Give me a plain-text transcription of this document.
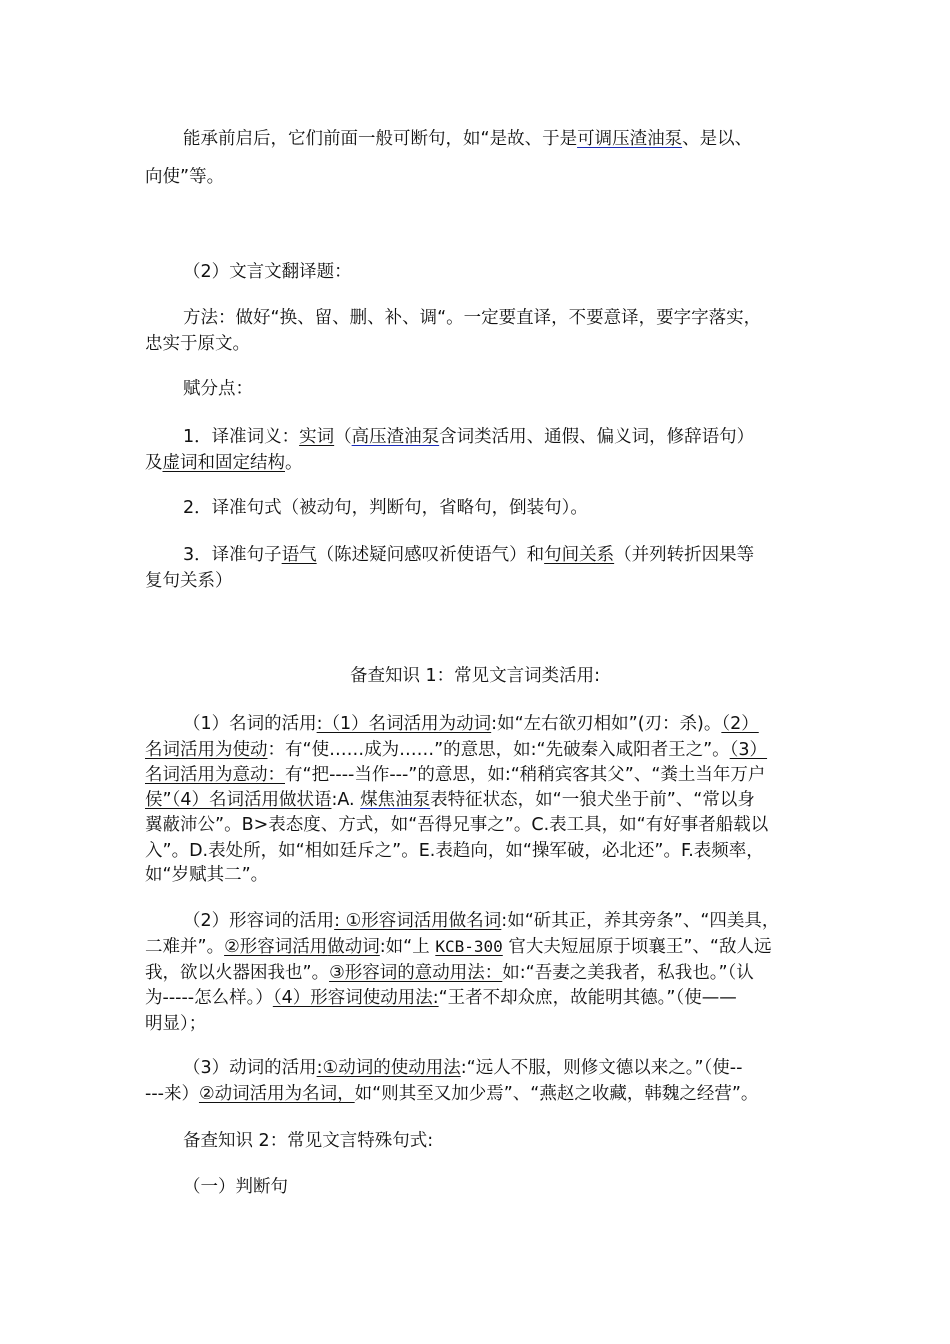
能承前启后，它们前面一般可断句，如“是故、于是可调压渣油泵、是以、
向使”等。
（2）文言文翻译题：
方法：做好“换、留、删、补、调“。一定要直译，不要意译，要字字落实，
忠实于原文。
赋分点：
1．译准词义：实词（高压渣油泵含词类活用、通假、偏义词，修辞语句）
及虚词和固定结构。
2．译准句式（被动句，判断句，省略句，倒装句）。
3．译准句子语气（陈述疑问感叹祈使语气）和句间关系（并列转折因果等
复句关系）
备查知识 1：常见文言词类活用:
（1）名词的活用:（1）名词活用为动词:如“左右欲刃相如”(刃：杀)。（2）
名词活用为使动：有“使……成为……”的意思，如:“先破秦入咸阳者王之”。（3）
名词活用为意动：有“把----当作---”的意思，如:“稍稍宾客其父”、“粪土当年万户
侯”（4）名词活用做状语:A. 煤焦油泵表特征状态，如“一狼犬坐于前”、“常以身
翼蔽沛公”。B>表态度、方式，如“吾得兄事之”。C.表工具，如“有好事者船载以
入”。D.表处所，如“相如廷斥之”。E.表趋向，如“操军破，必北还”。F.表频率，
如“岁赋其二”。
（2）形容词的活用: ①形容词活用做名词:如“斫其正，养其旁条”、“四美具，
二难并”。②形容词活用做动词:如“上 KCB-300 官大夫短屈原于顷襄王”、“敌人远
我，欲以火器困我也”。③形容词的意动用法：如:“吾妻之美我者，私我也。”（认
为-----怎么样。）（4）形容词使动用法:“王者不却众庶，故能明其德。”（使——
明显）；
（3）动词的活用:①动词的使动用法:“远人不服，则修文德以来之。”（使--
---来）②动词活用为名词，如“则其至又加少焉”、“燕赵之收藏，韩魏之经营”。
备查知识 2：常见文言特殊句式:
（一）判断句
